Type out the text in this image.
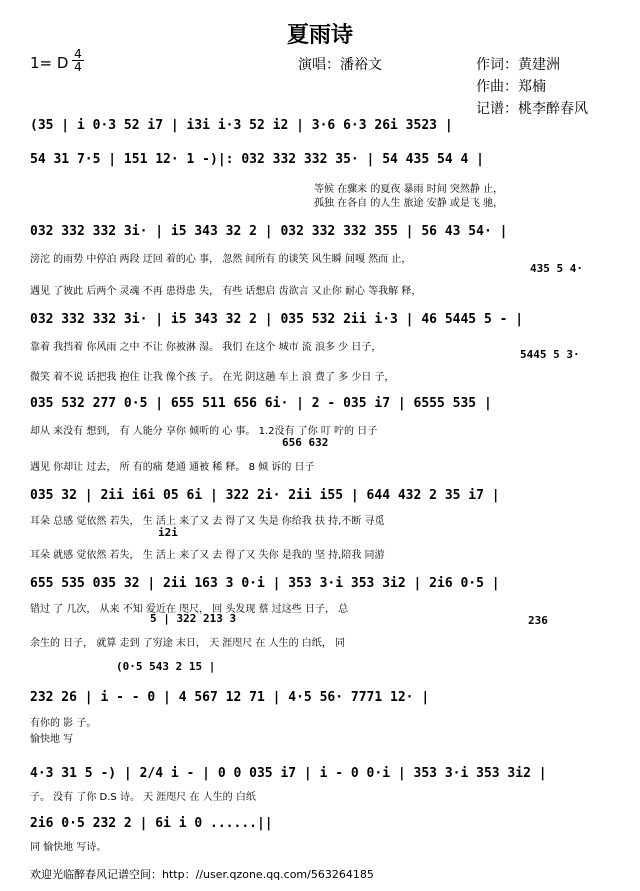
夏雨诗
1= D 4
4	演唱：潘裕文	作词：黄建洲
作曲：郑楠
记谱：桃李醉春风
(35 | i 0·3 52 i7 | i3i i·3 52 i2 | 3·6 6·3 26i 3523 |
54 31 7·5 | 151 12· 1 -)|: 032 332 332 35· | 54 435 54 4 |
等候 在骤来 的夏夜 暴雨 时间 突然静 止，
孤独 在各自 的人生 旅途 安静 或是飞 驰，
032 332 332 3i· | i5 343 32 2 | 032 332 332 355 | 56 43 54· |
滂沱 的雨势 中停泊 两段 迂回 着的心 事， 忽然 间所有 的谈笑 风生瞬 间嘎 然而 止，
435 5 4·
遇见 了彼此 后两个 灵魂 不再 患得患 失， 有些 话想启 齿欲言 又止你 耐心 等我解 释，
032 332 332 3i· | i5 343 32 2 | 035 532 2ii i·3 | 46 5445 5 - |
靠着 我挡着 你风雨 之中 不让 你被淋 湿。 我们 在这个 城市 流 浪多 少 日子，
5445 5 3·
微笑 着不说 话把我 抱住 让我 像个孩 子。 在光 阴这趟 车上 浪 费了 多 少日 子，
035 532 277 0·5 | 655 511 656 6i· | 2 - 035 i7 | 6555 535 |
却从 来没有 想到， 有 人能分 享你 倾听的 心 事。 1.2没有 了你 叮 咛的 日子
656 632
遇见 你却让 过去， 所 有的痛 楚通 通被 稀 释。 8 倾 诉的 日子
035 32 | 2ii i6i 05 6i | 322 2i· 2ii i55 | 644 432 2 35 i7 |
耳朵 总感 觉依然 若失， 生 活上 来了又 去 得了又 失是 你给我 扶 持,不断 寻觅
i2i
耳朵 就感 觉依然 若失， 生 活上 来了又 去 得了又 失你 是我的 坚 持,陪我 同游
655 535 035 32 | 2ii 163 3 0·i | 353 3·i 353 3i2 | 2i6 0·5 |
错过 了 几次， 从来 不知 爱近在 咫尺， 回 头发现 蔡 过这些 日子， 总
5 | 322 213 3	236
余生的 日子， 就算 走到 了穷途 末日， 天 涯咫尺 在 人生的 白纸， 同
(0·5 543 2 15 |
232 26 | i - - 0 | 4 567 12 71 | 4·5 56· 7771 12· |
有你的 影 子。
愉快地 写
4·3 31 5 -) | 2/4 i - | 0 0 035 i7 | i - 0 0·i | 353 3·i 353 3i2 |
子。 没有 了你 D.S 诗。 天 涯咫尺 在 人生的 白纸
2i6 0·5 232 2 | 6i i 0 ......||
同 愉快地 写诗。
欢迎光临醉春风记谱空间：http：//user.qzone.qq.com/563264185
